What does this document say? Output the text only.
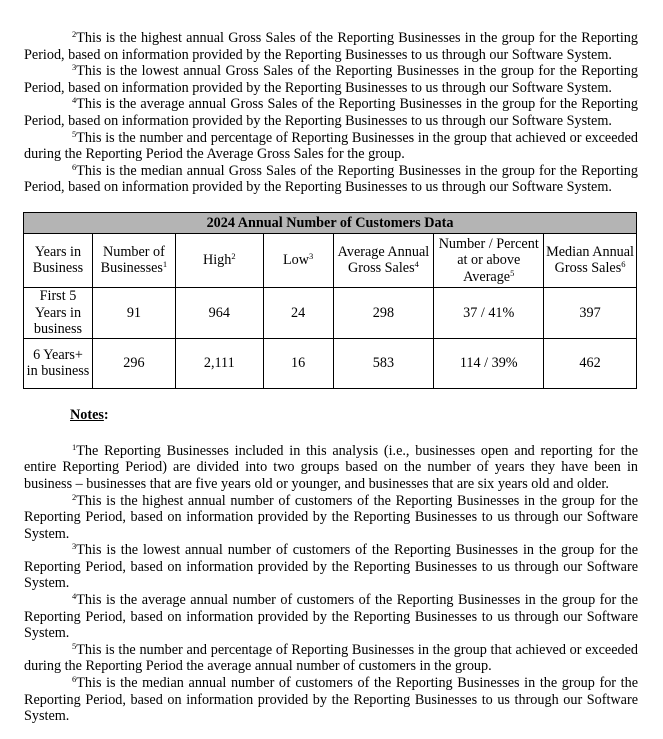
$^2$This is the highest annual Gross Sales of the Reporting Businesses in the group for the Reporting Period, based on information provided by the Reporting Businesses to us through our Software System.

$^3$This is the lowest annual Gross Sales of the Reporting Businesses in the group for the Reporting Period, based on information provided by the Reporting Businesses to us through our Software System.

$^4$This is the average annual Gross Sales of the Reporting Businesses in the group for the Reporting Period, based on information provided by the Reporting Businesses to us through our Software System.

$^5$This is the number and percentage of Reporting Businesses in the group that achieved or exceeded during the Reporting Period the Average Gross Sales for the group.

$^6$This is the median annual Gross Sales of the Reporting Businesses in the group for the Reporting Period, based on information provided by the Reporting Businesses to us through our Software System.

2024 Annual Number of Customers Data						
Years in Business	Number of Businesses$^1$	High$^2$	Low$^3$	Average Annual Gross Sales$^4$	Number / Percent at or above Average$^5$	Median Annual Gross Sales$^6$
First 5 Years in business	91	964	24	298	37 / 41%	397
6 Years+ in business	296	2,111	16	583	114 / 39%	462
Notes:

$^1$The Reporting Businesses included in this analysis (i.e., businesses open and reporting for the entire Reporting Period) are divided into two groups based on the number of years they have been in business – businesses that are five years old or younger, and businesses that are six years old and older.

$^2$This is the highest annual number of customers of the Reporting Businesses in the group for the Reporting Period, based on information provided by the Reporting Businesses to us through our Software System.

$^3$This is the lowest annual number of customers of the Reporting Businesses in the group for the Reporting Period, based on information provided by the Reporting Businesses to us through our Software System.

$^4$This is the average annual number of customers of the Reporting Businesses in the group for the Reporting Period, based on information provided by the Reporting Businesses to us through our Software System.

$^5$This is the number and percentage of Reporting Businesses in the group that achieved or exceeded during the Reporting Period the average annual number of customers in the group.

$^6$This is the median annual number of customers of the Reporting Businesses in the group for the Reporting Period, based on information provided by the Reporting Businesses to us through our Software System.
